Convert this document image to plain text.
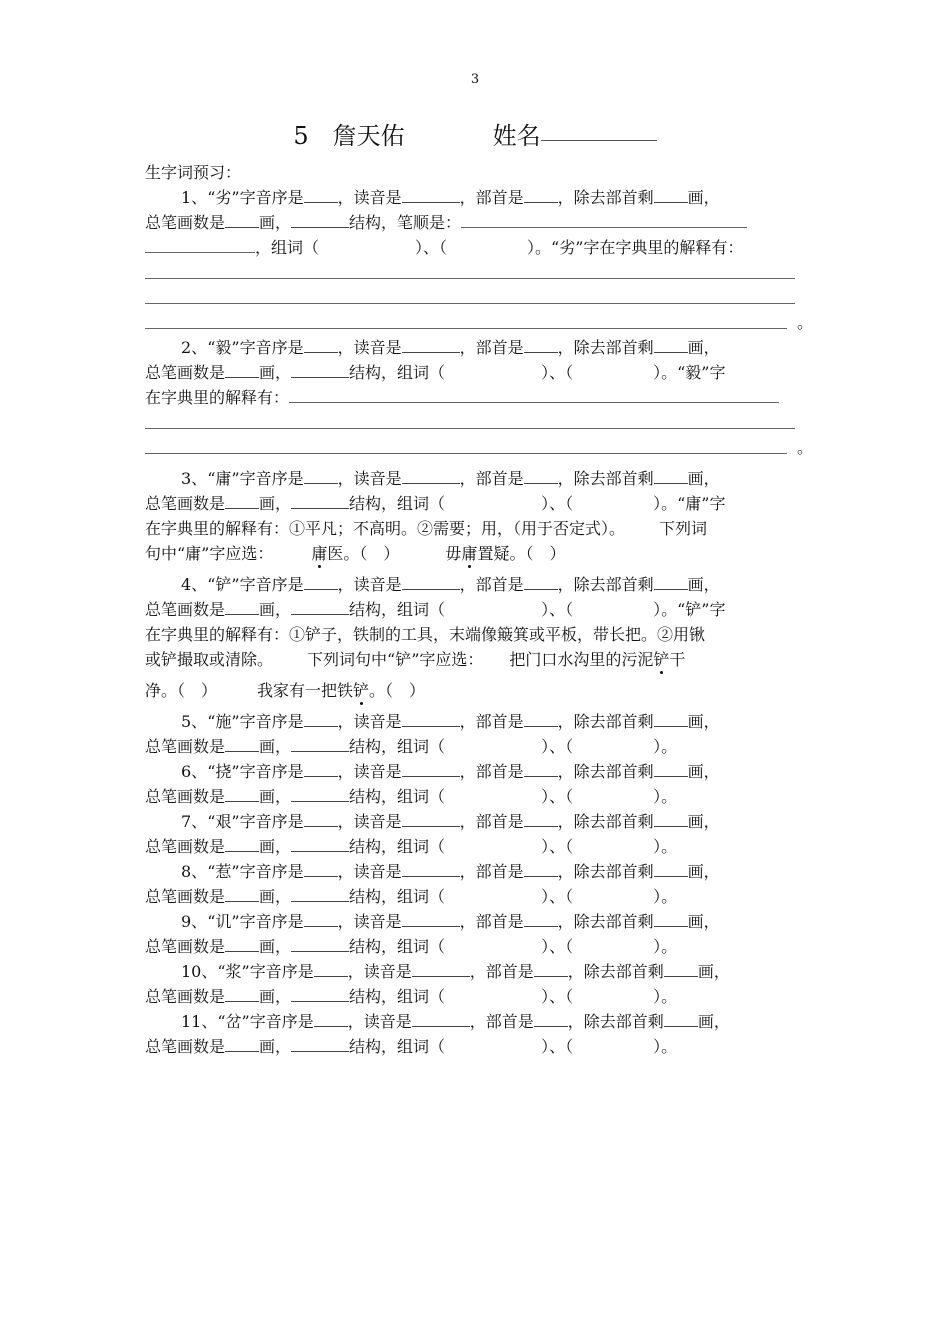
3
5　詹天佑	姓名
生字词预习：
1、“劣”字音序是 ，读音是	，部首是 ，除去部首剩 画，
总笔画数是 画，	结构，笔顺是：
，组词（	）、（	）。“劣”字在字典里的解释有：
。
2、“毅”字音序是 ，读音是	，部首是 ，除去部首剩 画，
总笔画数是 画，	结构，组词（	）、（	）。“毅”字
在字典里的解释有：
。
3、“庸”字音序是 ，读音是	，部首是 ，除去部首剩 画，
总笔画数是 画，	结构，组词（	）、（	）。“庸”字
在字典里的解释有：①平凡；不高明。②需要；用，（用于否定式）。 下列词
句中“庸”字应选： 庸医。（　）	毋庸置疑。（　）
4、“铲”字音序是 ，读音是	，部首是 ，除去部首剩 画，
总笔画数是 画，	结构，组词（	）、（	）。“铲”字
在字典里的解释有：①铲子，铁制的工具，末端像簸箕或平板，带长把。②用锹
或铲撮取或清除。 下列词句中“铲”字应选： 把门口水沟里的污泥铲干
净。（　）	我家有一把铁铲。（　）
5、“施”字音序是 ，读音是	，部首是 ，除去部首剩 画，
总笔画数是 画，	结构，组词（	）、（	）。
6、“挠”字音序是 ，读音是	，部首是 ，除去部首剩 画，
总笔画数是 画，	结构，组词（	）、（	）。
7、“艰”字音序是 ，读音是	，部首是 ，除去部首剩 画，
总笔画数是 画，	结构，组词（	）、（	）。
8、“惹”字音序是 ，读音是	，部首是 ，除去部首剩 画，
总笔画数是 画，	结构，组词（	）、（	）。
9、“讥”字音序是 ，读音是	，部首是 ，除去部首剩 画，
总笔画数是 画，	结构，组词（	）、（	）。
10、“浆”字音序是 ，读音是	，部首是 ，除去部首剩 画，
总笔画数是 画，	结构，组词（	）、（	）。
11、“岔”字音序是 ，读音是	，部首是 ，除去部首剩 画，
总笔画数是 画，	结构，组词（	）、（	）。
